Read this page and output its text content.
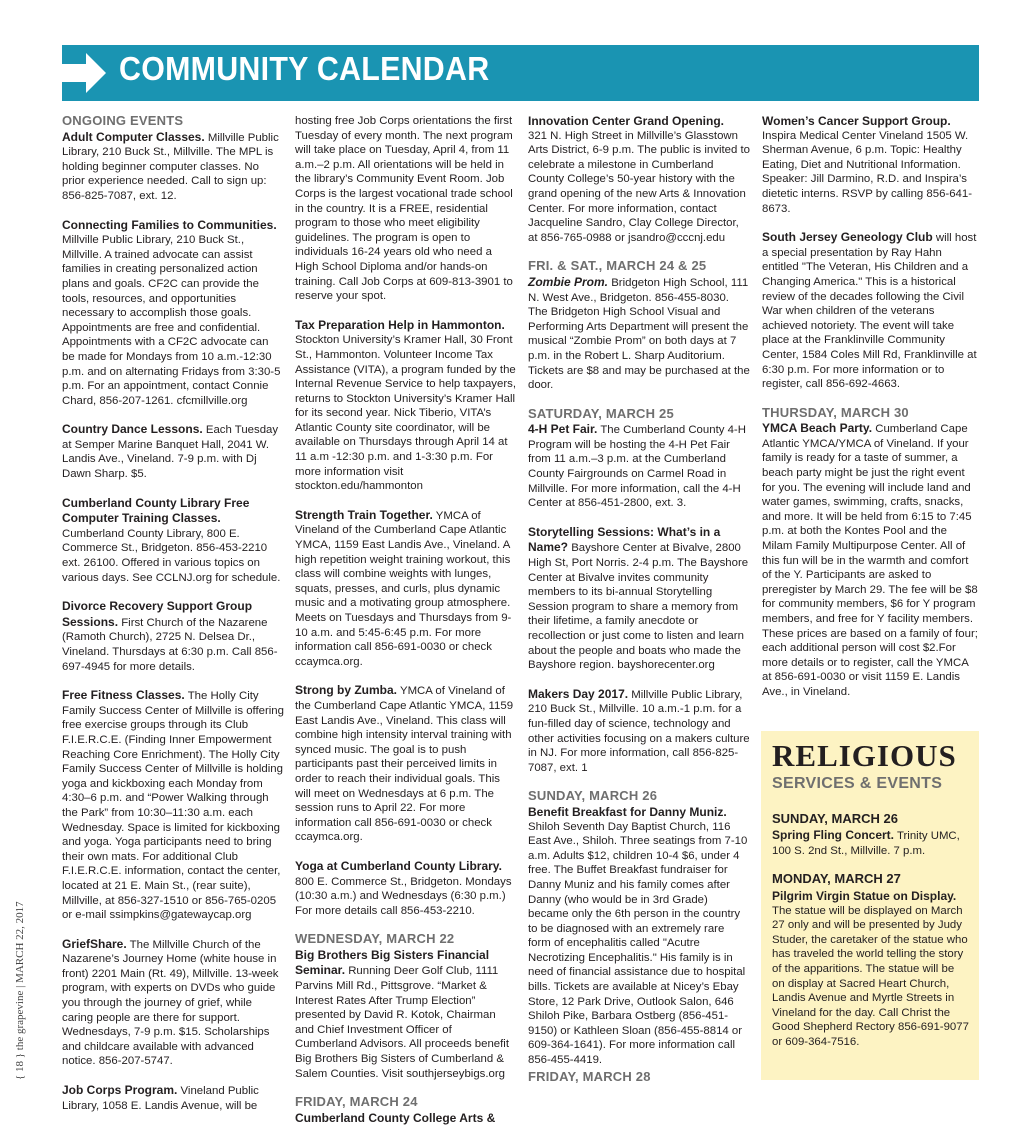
COMMUNITY CALENDAR
ONGOING EVENTS
Adult Computer Classes. Millville Public Library, 210 Buck St., Millville. The MPL is holding beginner computer classes. No prior experience needed. Call to sign up: 856-825-7087, ext. 12.
Connecting Families to Communities. Millville Public Library, 210 Buck St., Millville. A trained advocate can assist families in creating personalized action plans and goals. CF2C can provide the tools, resources, and opportunities necessary to accomplish those goals. Appointments are free and confidential. Appointments with a CF2C advocate can be made for Mondays from 10 a.m.-12:30 p.m. and on alternating Fridays from 3:30-5 p.m. For an appointment, contact Connie Chard, 856-207-1261. cfcmillville.org
Country Dance Lessons. Each Tuesday at Semper Marine Banquet Hall, 2041 W. Landis Ave., Vineland. 7-9 p.m. with Dj Dawn Sharp. $5.
Cumberland County Library Free Computer Training Classes. Cumberland County Library, 800 E. Commerce St., Bridgeton. 856-453-2210 ext. 26100. Offered in various topics on various days. See CCLNJ.org for schedule.
Divorce Recovery Support Group Sessions. First Church of the Nazarene (Ramoth Church), 2725 N. Delsea Dr., Vineland. Thursdays at 6:30 p.m. Call 856-697-4945 for more details.
Free Fitness Classes. The Holly City Family Success Center of Millville is offering free exercise groups through its Club F.I.E.R.C.E. (Finding Inner Empowerment Reaching Core Enrichment). The Holly City Family Success Center of Millville is holding yoga and kickboxing each Monday from 4:30–6 p.m. and “Power Walking through the Park” from 10:30–11:30 a.m. each Wednesday. Space is limited for kickboxing and yoga. Yoga participants need to bring their own mats. For additional Club F.I.E.R.C.E. information, contact the center, located at 21 E. Main St., (rear suite), Millville, at 856-327-1510 or 856-765-0205 or e-mail ssimpkins@gatewaycap.org
GriefShare. The Millville Church of the Nazarene’s Journey Home (white house in front) 2201 Main (Rt. 49), Millville. 13-week program, with experts on DVDs who guide you through the journey of grief, while caring people are there for support. Wednesdays, 7-9 p.m. $15. Scholarships and childcare available with advanced notice. 856-207-5747.
Job Corps Program. Vineland Public Library, 1058 E. Landis Avenue, will be
hosting free Job Corps orientations the first Tuesday of every month. The next program will take place on Tuesday, April 4, from 11 a.m.–2 p.m. All orientations will be held in the library’s Community Event Room. Job Corps is the largest vocational trade school in the country. It is a FREE, residential program to those who meet eligibility guidelines. The program is open to individuals 16-24 years old who need a High School Diploma and/or hands-on training. Call Job Corps at 609-813-3901 to reserve your spot.
Tax Preparation Help in Hammonton. Stockton University’s Kramer Hall, 30 Front St., Hammonton. Volunteer Income Tax Assistance (VITA), a program funded by the Internal Revenue Service to help taxpayers, returns to Stockton University’s Kramer Hall for its second year. Nick Tiberio, VITA’s Atlantic County site coordinator, will be available on Thursdays through April 14 at 11 a.m -12:30 p.m. and 1-3:30 p.m. For more information visit stockton.edu/hammonton
Strength Train Together. YMCA of Vineland of the Cumberland Cape Atlantic YMCA, 1159 East Landis Ave., Vineland. A high repetition weight training workout, this class will combine weights with lunges, squats, presses, and curls, plus dynamic music and a motivating group atmosphere. Meets on Tuesdays and Thursdays from 9-10 a.m. and 5:45-6:45 p.m. For more information call 856-691-0030 or check ccaymca.org.
Strong by Zumba. YMCA of Vineland of the Cumberland Cape Atlantic YMCA, 1159 East Landis Ave., Vineland. This class will combine high intensity interval training with synced music. The goal is to push participants past their perceived limits in order to reach their individual goals. This will meet on Wednesdays at 6 p.m. The session runs to April 22. For more information call 856-691-0030 or check ccaymca.org.
Yoga at Cumberland County Library. 800 E. Commerce St., Bridgeton. Mondays (10:30 a.m.) and Wednesdays (6:30 p.m.) For more details call 856-453-2210.
WEDNESDAY, MARCH 22
Big Brothers Big Sisters Financial Seminar. Running Deer Golf Club, 1111 Parvins Mill Rd., Pittsgrove. “Market & Interest Rates After Trump Election” presented by David R. Kotok, Chairman and Chief Investment Officer of Cumberland Advisors. All proceeds benefit Big Brothers Big Sisters of Cumberland & Salem Counties. Visit southjerseybigs.org
FRIDAY, MARCH 24
Cumberland County College Arts &
Innovation Center Grand Opening.
321 N. High Street in Millville’s Glasstown Arts District, 6-9 p.m. The public is invited to celebrate a milestone in Cumberland County College’s 50-year history with the grand opening of the new Arts & Innovation Center. For more information, contact Jacqueline Sandro, Clay College Director, at 856-765-0988 or jsandro@cccnj.edu
FRI. & SAT., MARCH 24 & 25
Zombie Prom. Bridgeton High School, 111 N. West Ave., Bridgeton. 856-455-8030. The Bridgeton High School Visual and Performing Arts Department will present the musical “Zombie Prom” on both days at 7 p.m. in the Robert L. Sharp Auditorium. Tickets are $8 and may be purchased at the door.
SATURDAY, MARCH 25
4-H Pet Fair. The Cumberland County 4-H Program will be hosting the 4-H Pet Fair from 11 a.m.–3 p.m. at the Cumberland County Fairgrounds on Carmel Road in Millville. For more information, call the 4-H Center at 856-451-2800, ext. 3.
Storytelling Sessions: What’s in a Name? Bayshore Center at Bivalve, 2800 High St, Port Norris. 2-4 p.m. The Bayshore Center at Bivalve invites community members to its bi-annual Storytelling Session program to share a memory from their lifetime, a family anecdote or recollection or just come to listen and learn about the people and boats who made the Bayshore region. bayshorecenter.org
Makers Day 2017. Millville Public Library, 210 Buck St., Millville. 10 a.m.-1 p.m. for a fun-filled day of science, technology and other activities focusing on a makers culture in NJ. For more information, call 856-825-7087, ext. 1
SUNDAY, MARCH 26
Benefit Breakfast for Danny Muniz.
Shiloh Seventh Day Baptist Church, 116 East Ave., Shiloh. Three seatings from 7-10 a.m. Adults $12, children 10-4 $6, under 4 free. The Buffet Breakfast fundraiser for Danny Muniz and his family comes after Danny (who would be in 3rd Grade) became only the 6th person in the country to be diagnosed with an extremely rare form of encephalitis called "Acutre Necrotizing Encephalitis." His family is in need of financial assistance due to hospital bills. Tickets are available at Nicey’s Ebay Store, 12 Park Drive, Outlook Salon, 646 Shiloh Pike, Barbara Ostberg (856-451-9150) or Kathleen Sloan (856-455-8814 or 609-364-1641). For more information call 856-455-4419.
FRIDAY, MARCH 28
Women’s Cancer Support Group.
Inspira Medical Center Vineland 1505 W. Sherman Avenue, 6 p.m. Topic: Healthy Eating, Diet and Nutritional Information. Speaker: Jill Darmino, R.D. and Inspira’s dietetic interns. RSVP by calling 856-641-8673.
South Jersey Geneology Club will host a special presentation by Ray Hahn entitled "The Veteran, His Children and a Changing America." This is a historical review of the decades following the Civil War when children of the veterans achieved notoriety. The event will take place at the Franklinville Community Center, 1584 Coles Mill Rd, Franklinville at 6:30 p.m. For more information or to register, call 856-692-4663.
THURSDAY, MARCH 30
YMCA Beach Party. Cumberland Cape Atlantic YMCA/YMCA of Vineland. If your family is ready for a taste of summer, a beach party might be just the right event for you. The evening will include land and water games, swimming, crafts, snacks, and more. It will be held from 6:15 to 7:45 p.m. at both the Kontes Pool and the Milam Family Multipurpose Center. All of this fun will be in the warmth and comfort of the Y. Participants are asked to preregister by March 29. The fee will be $8 for community members, $6 for Y program members, and free for Y facility members. These prices are based on a family of four; each additional person will cost $2.For more details or to register, call the YMCA at 856-691-0030 or visit 1159 E. Landis Ave., in Vineland.
RELIGIOUS
SERVICES & EVENTS
SUNDAY, MARCH 26
Spring Fling Concert. Trinity UMC, 100 S. 2nd St., Millville. 7 p.m.
MONDAY, MARCH 27
Pilgrim Virgin Statue on Display.
The statue will be displayed on March 27 only and will be presented by Judy Studer, the caretaker of the statue who has traveled the world telling the story of the apparitions. The statue will be on display at Sacred Heart Church, Landis Avenue and Myrtle Streets in Vineland for the day. Call Christ the Good Shepherd Rectory 856-691-9077 or 609-364-7516.
{ 18 } the grapevine | MARCH 22, 2017
